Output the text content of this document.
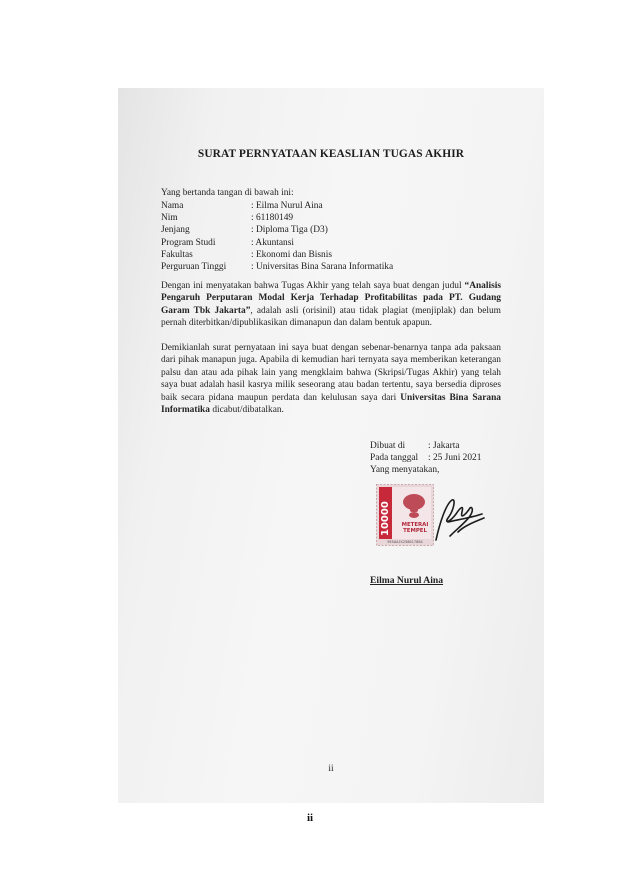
SURAT PERNYATAAN KEASLIAN TUGAS AKHIR
Yang bertanda tangan di bawah ini:
Nama	: Eilma Nurul Aina
Nim	: 61180149
Jenjang	: Diploma Tiga (D3)
Program Studi	: Akuntansi
Fakultas	: Ekonomi dan Bisnis
Perguruan Tinggi	: Universitas Bina Sarana Informatika

Dengan ini menyatakan bahwa Tugas Akhir yang telah saya buat dengan judul “Analisis Pengaruh Perputaran Modal Kerja Terhadap Profitabilitas pada PT. Gudang Garam Tbk Jakarta”, adalah asli (orisinil) atau tidak plagiat (menjiplak) dan belum pernah diterbitkan/dipublikasikan dimanapun dan dalam bentuk apapun.

Demikianlah surat pernyataan ini saya buat dengan sebenar-benarnya tanpa ada paksaan dari pihak manapun juga. Apabila di kemudian hari ternyata saya memberikan keterangan palsu dan atau ada pihak lain yang mengklaim bahwa (Skripsi/Tugas Akhir) yang telah saya buat adalah hasil kasrya milik seseorang atau badan tertentu, saya bersedia diproses baik secara pidana maupun perdata dan kelulusan saya dari Universitas Bina Sarana Informatika dicabut/dibatalkan.

Dibuat di	: Jakarta
Pada tanggal	: 25 Juni 2021
Yang menyatakan,
10000 METERAI
TEMPEL
9E5AAJX258617884
Eilma Nurul Aina
ii
ii
